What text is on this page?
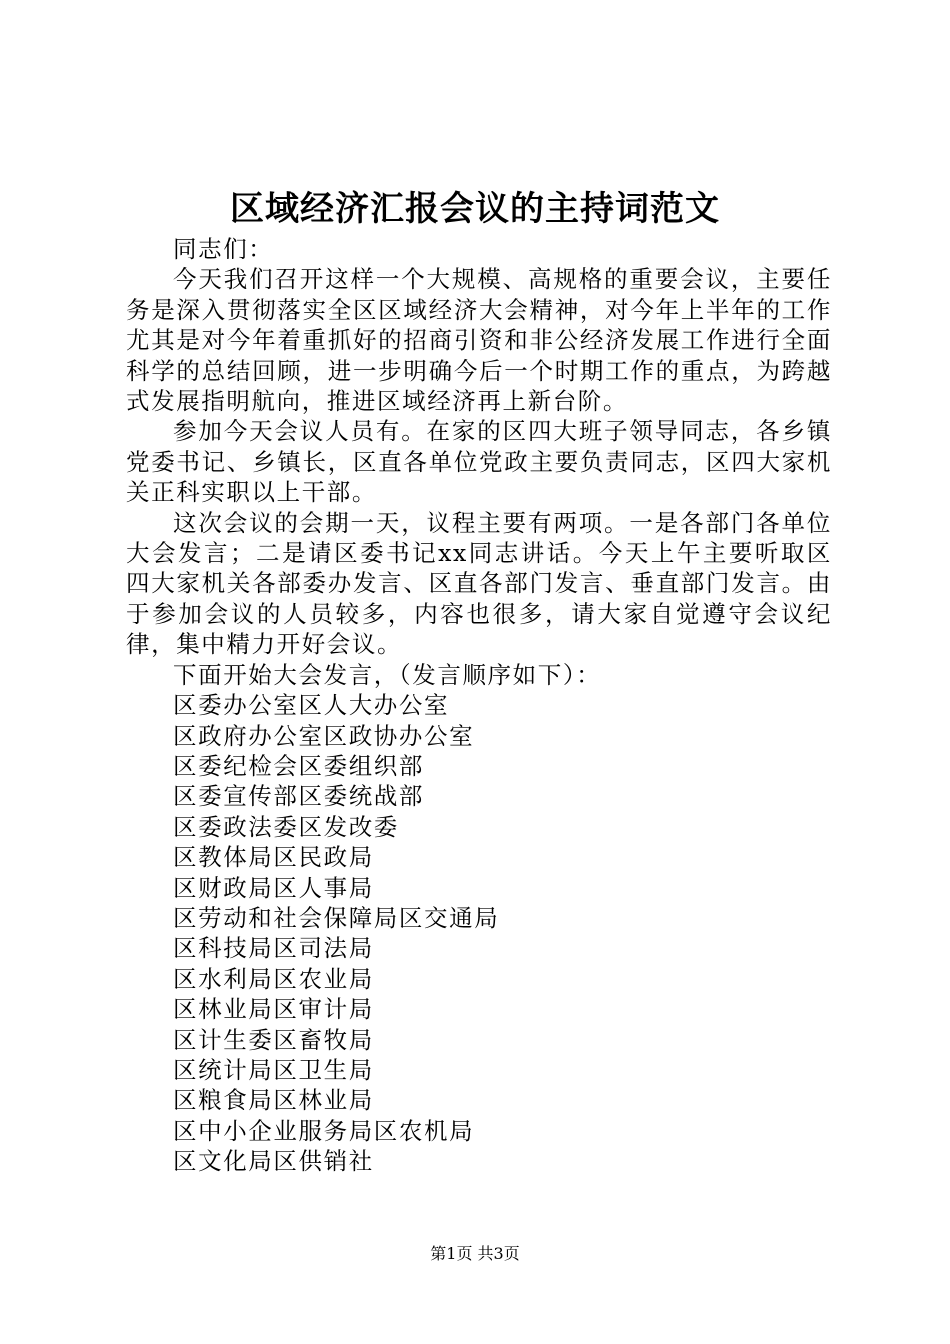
区域经济汇报会议的主持词范文

同志们：

今天我们召开这样一个大规模、高规格的重要会议，主要任务是深入贯彻落实全区区域经济大会精神，对今年上半年的工作尤其是对今年着重抓好的招商引资和非公经济发展工作进行全面科学的总结回顾，进一步明确今后一个时期工作的重点，为跨越式发展指明航向，推进区域经济再上新台阶。

参加今天会议人员有。在家的区四大班子领导同志，各乡镇党委书记、乡镇长，区直各单位党政主要负责同志，区四大家机关正科实职以上干部。

这次会议的会期一天，议程主要有两项。一是各部门各单位大会发言；二是请区委书记xx同志讲话。今天上午主要听取区四大家机关各部委办发言、区直各部门发言、垂直部门发言。由于参加会议的人员较多，内容也很多，请大家自觉遵守会议纪律，集中精力开好会议。

下面开始大会发言，（发言顺序如下）：

区委办公室区人大办公室
区政府办公室区政协办公室
区委纪检会区委组织部
区委宣传部区委统战部
区委政法委区发改委
区教体局区民政局
区财政局区人事局
区劳动和社会保障局区交通局
区科技局区司法局
区水利局区农业局
区林业局区审计局
区计生委区畜牧局
区统计局区卫生局
区粮食局区林业局
区中小企业服务局区农机局
区文化局区供销社
第1页 共3页
